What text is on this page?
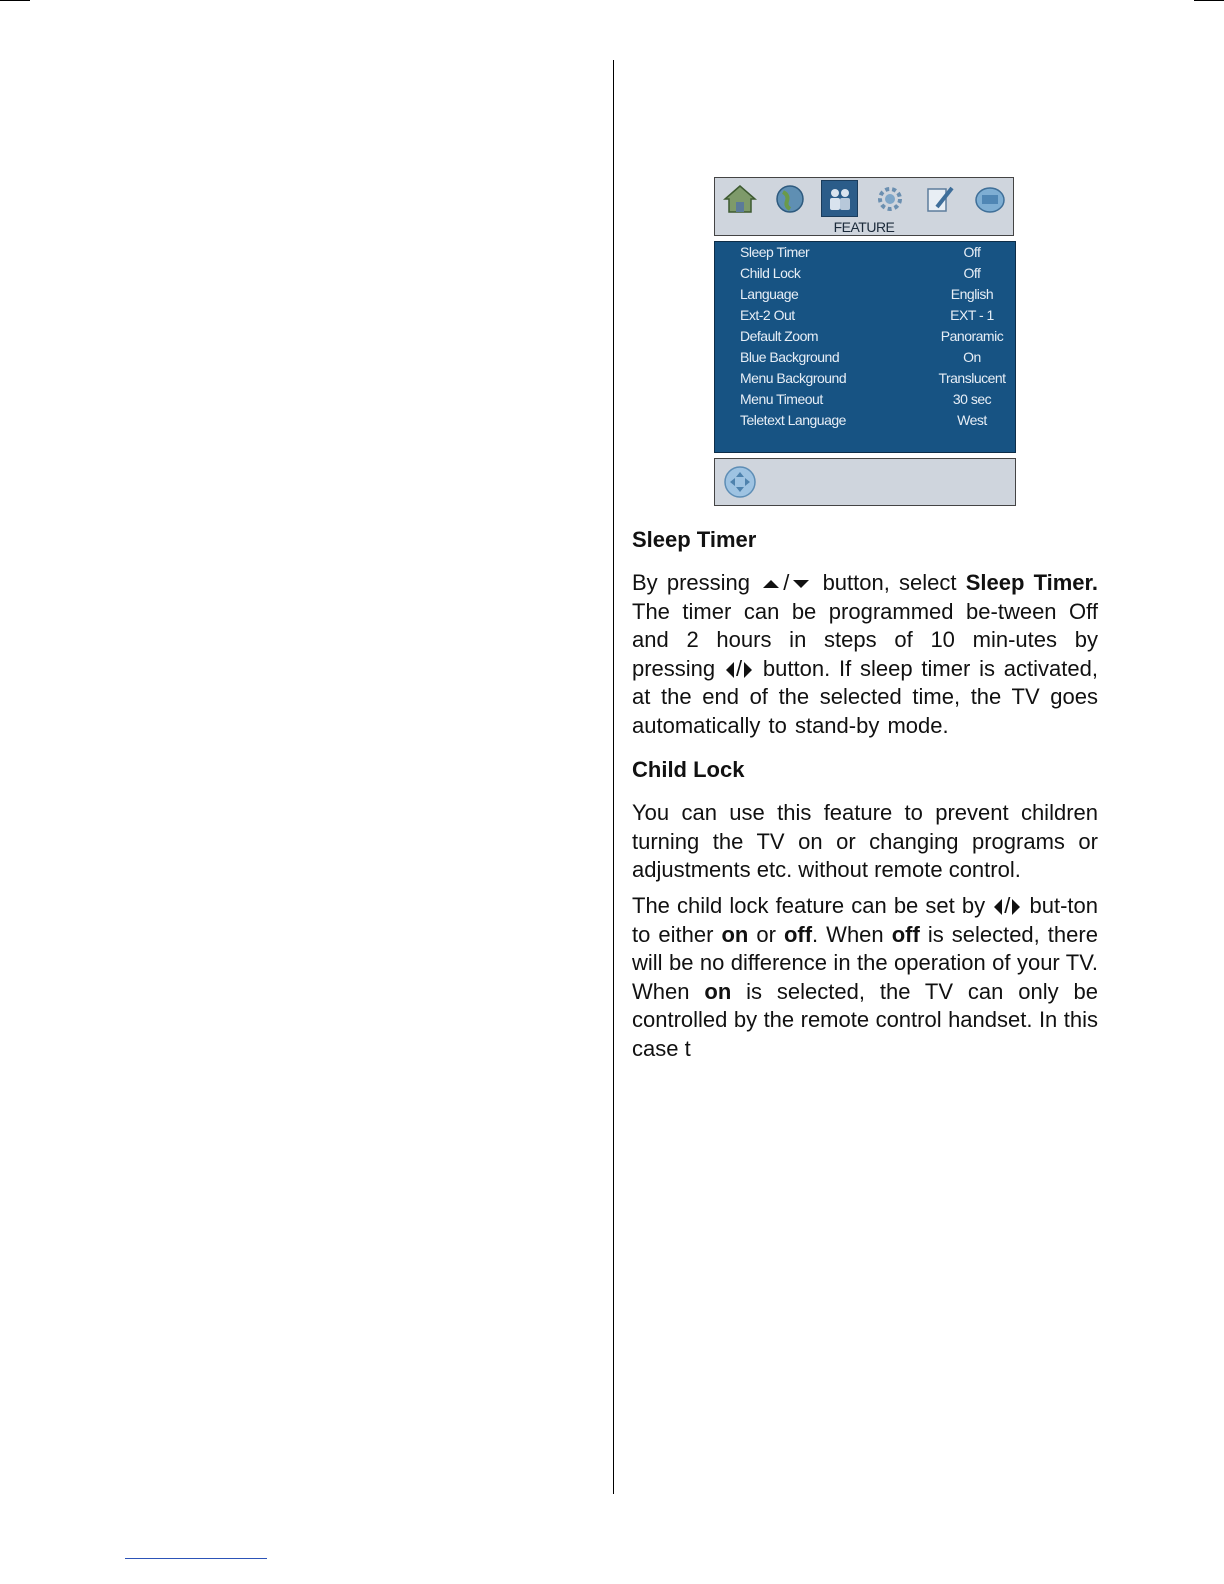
FEATURE
Sleep Timer	Off
Child Lock	Off
Language	English
Ext-2 Out	EXT - 1
Default Zoom	Panoramic
Blue Background	On
Menu Background	Translucent
Menu Timeout	30 sec
Teletext Language	West
Sleep Timer
By pressing / button, select Sleep Timer. The timer can be programmed be-tween Off and 2 hours in steps of 10 min-utes by pressing / button. If sleep timer is activated, at the end of the selected time, the TV goes automatically to stand-by mode.
Child Lock
You can use this feature to prevent children turning the TV on or changing programs or adjustments etc. without remote control.
The child lock feature can be set by / but-ton to either on or off. When off is selected, there will be no difference in the operation of your TV. When on is selected, the TV can only be controlled by the remote control handset. In this case t
